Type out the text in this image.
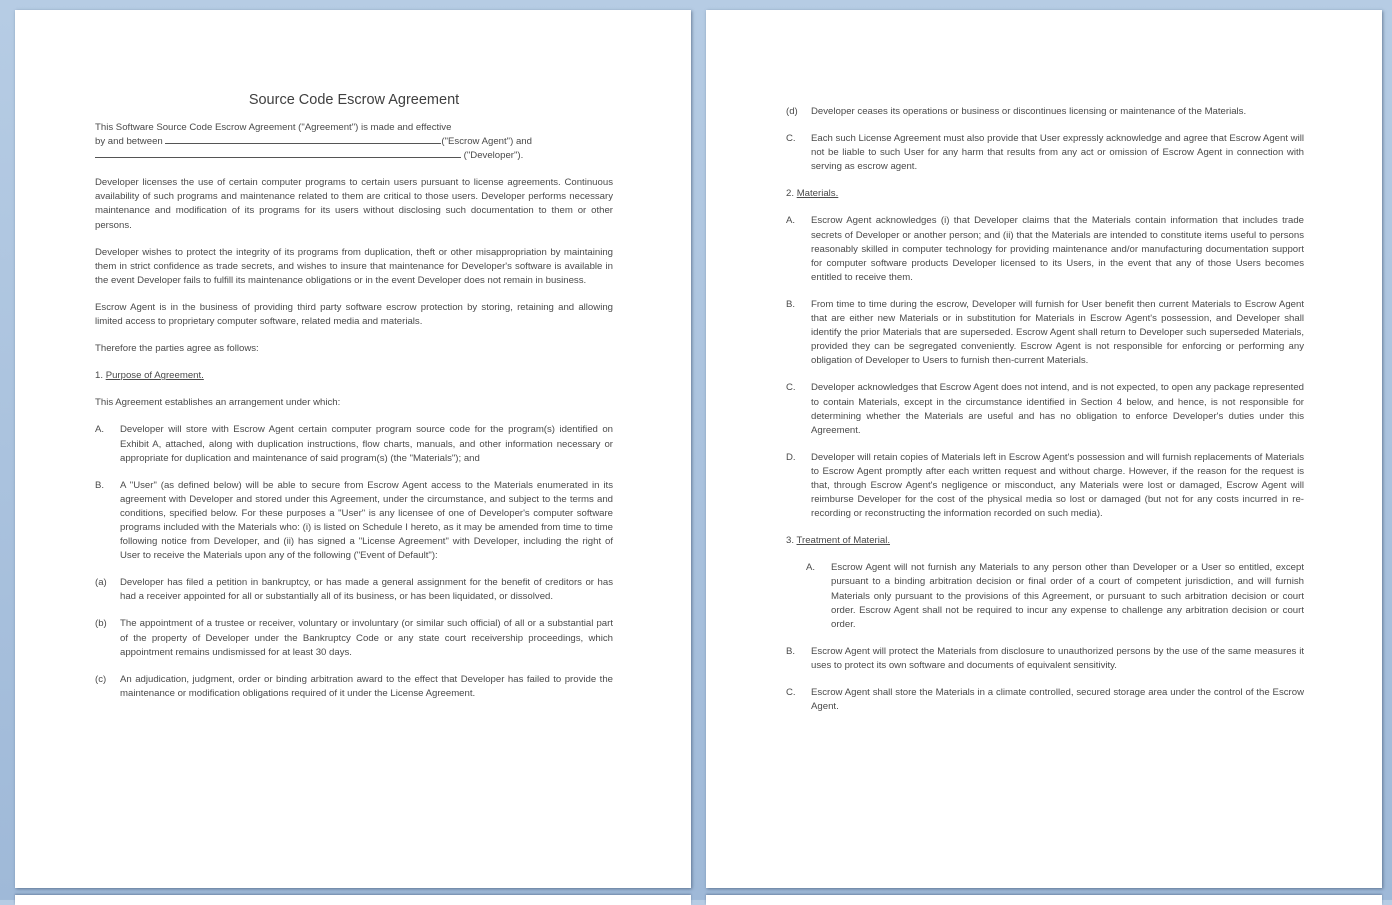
Source Code Escrow Agreement

This Software Source Code Escrow Agreement ("Agreement") is made and effective
by and between	("Escrow Agent") and
("Developer").

Developer licenses the use of certain computer programs to certain users pursuant to license agreements. Continuous availability of such programs and maintenance related to them are critical to those users. Developer performs necessary maintenance and modification of its programs for its users without disclosing such documentation to them or other persons.

Developer wishes to protect the integrity of its programs from duplication, theft or other misappropriation by maintaining them in strict confidence as trade secrets, and wishes to insure that maintenance for Developer's software is available in the event Developer fails to fulfill its maintenance obligations or in the event Developer does not remain in business.

Escrow Agent is in the business of providing third party software escrow protection by storing, retaining and allowing limited access to proprietary computer software, related media and materials.

Therefore the parties agree as follows:

1. Purpose of Agreement.

This Agreement establishes an arrangement under which:

A.	Developer will store with Escrow Agent certain computer program source code for the program(s) identified on Exhibit A, attached, along with duplication instructions, flow charts, manuals, and other information necessary or appropriate for duplication and maintenance of said program(s) (the "Materials"); and

B.	A "User" (as defined below) will be able to secure from Escrow Agent access to the Materials enumerated in its agreement with Developer and stored under this Agreement, under the circumstance, and subject to the terms and conditions, specified below. For these purposes a "User" is any licensee of one of Developer's computer software programs included with the Materials who: (i) is listed on Schedule I hereto, as it may be amended from time to time following notice from Developer, and (ii) has signed a "License Agreement" with Developer, including the right of User to receive the Materials upon any of the following ("Event of Default"):

(a)	Developer has filed a petition in bankruptcy, or has made a general assignment for the benefit of creditors or has had a receiver appointed for all or substantially all of its business, or has been liquidated, or dissolved.

(b)	The appointment of a trustee or receiver, voluntary or involuntary (or similar such official) of all or a substantial part of the property of Developer under the Bankruptcy Code or any state court receivership proceedings, which appointment remains undismissed for at least 30 days.

(c)	An adjudication, judgment, order or binding arbitration award to the effect that Developer has failed to provide the maintenance or modification obligations required of it under the License Agreement.

(d)	Developer ceases its operations or business or discontinues licensing or maintenance of the Materials.

C.	Each such License Agreement must also provide that User expressly acknowledge and agree that Escrow Agent will not be liable to such User for any harm that results from any act or omission of Escrow Agent in connection with serving as escrow agent.

2. Materials.

A.	Escrow Agent acknowledges (i) that Developer claims that the Materials contain information that includes trade secrets of Developer or another person; and (ii) that the Materials are intended to constitute items useful to persons reasonably skilled in computer technology for providing maintenance and/or manufacturing documentation support for computer software products Developer licensed to its Users, in the event that any of those Users becomes entitled to receive them.

B.	From time to time during the escrow, Developer will furnish for User benefit then current Materials to Escrow Agent that are either new Materials or in substitution for Materials in Escrow Agent's possession, and Developer shall identify the prior Materials that are superseded. Escrow Agent shall return to Developer such superseded Materials, provided they can be segregated conveniently. Escrow Agent is not responsible for enforcing or performing any obligation of Developer to Users to furnish then-current Materials.

C.	Developer acknowledges that Escrow Agent does not intend, and is not expected, to open any package represented to contain Materials, except in the circumstance identified in Section 4 below, and hence, is not responsible for determining whether the Materials are useful and has no obligation to enforce Developer's duties under this Agreement.

D.	Developer will retain copies of Materials left in Escrow Agent's possession and will furnish replacements of Materials to Escrow Agent promptly after each written request and without charge. However, if the reason for the request is that, through Escrow Agent's negligence or misconduct, any Materials were lost or damaged, Escrow Agent will reimburse Developer for the cost of the physical media so lost or damaged (but not for any costs incurred in re-recording or reconstructing the information recorded on such media).

3. Treatment of Material.

A.	Escrow Agent will not furnish any Materials to any person other than Developer or a User so entitled, except pursuant to a binding arbitration decision or final order of a court of competent jurisdiction, and will furnish Materials only pursuant to the provisions of this Agreement, or pursuant to such arbitration decision or court order. Escrow Agent shall not be required to incur any expense to challenge any arbitration decision or court order.

B.	Escrow Agent will protect the Materials from disclosure to unauthorized persons by the use of the same measures it uses to protect its own software and documents of equivalent sensitivity.

C.	Escrow Agent shall store the Materials in a climate controlled, secured storage area under the control of the Escrow Agent.
